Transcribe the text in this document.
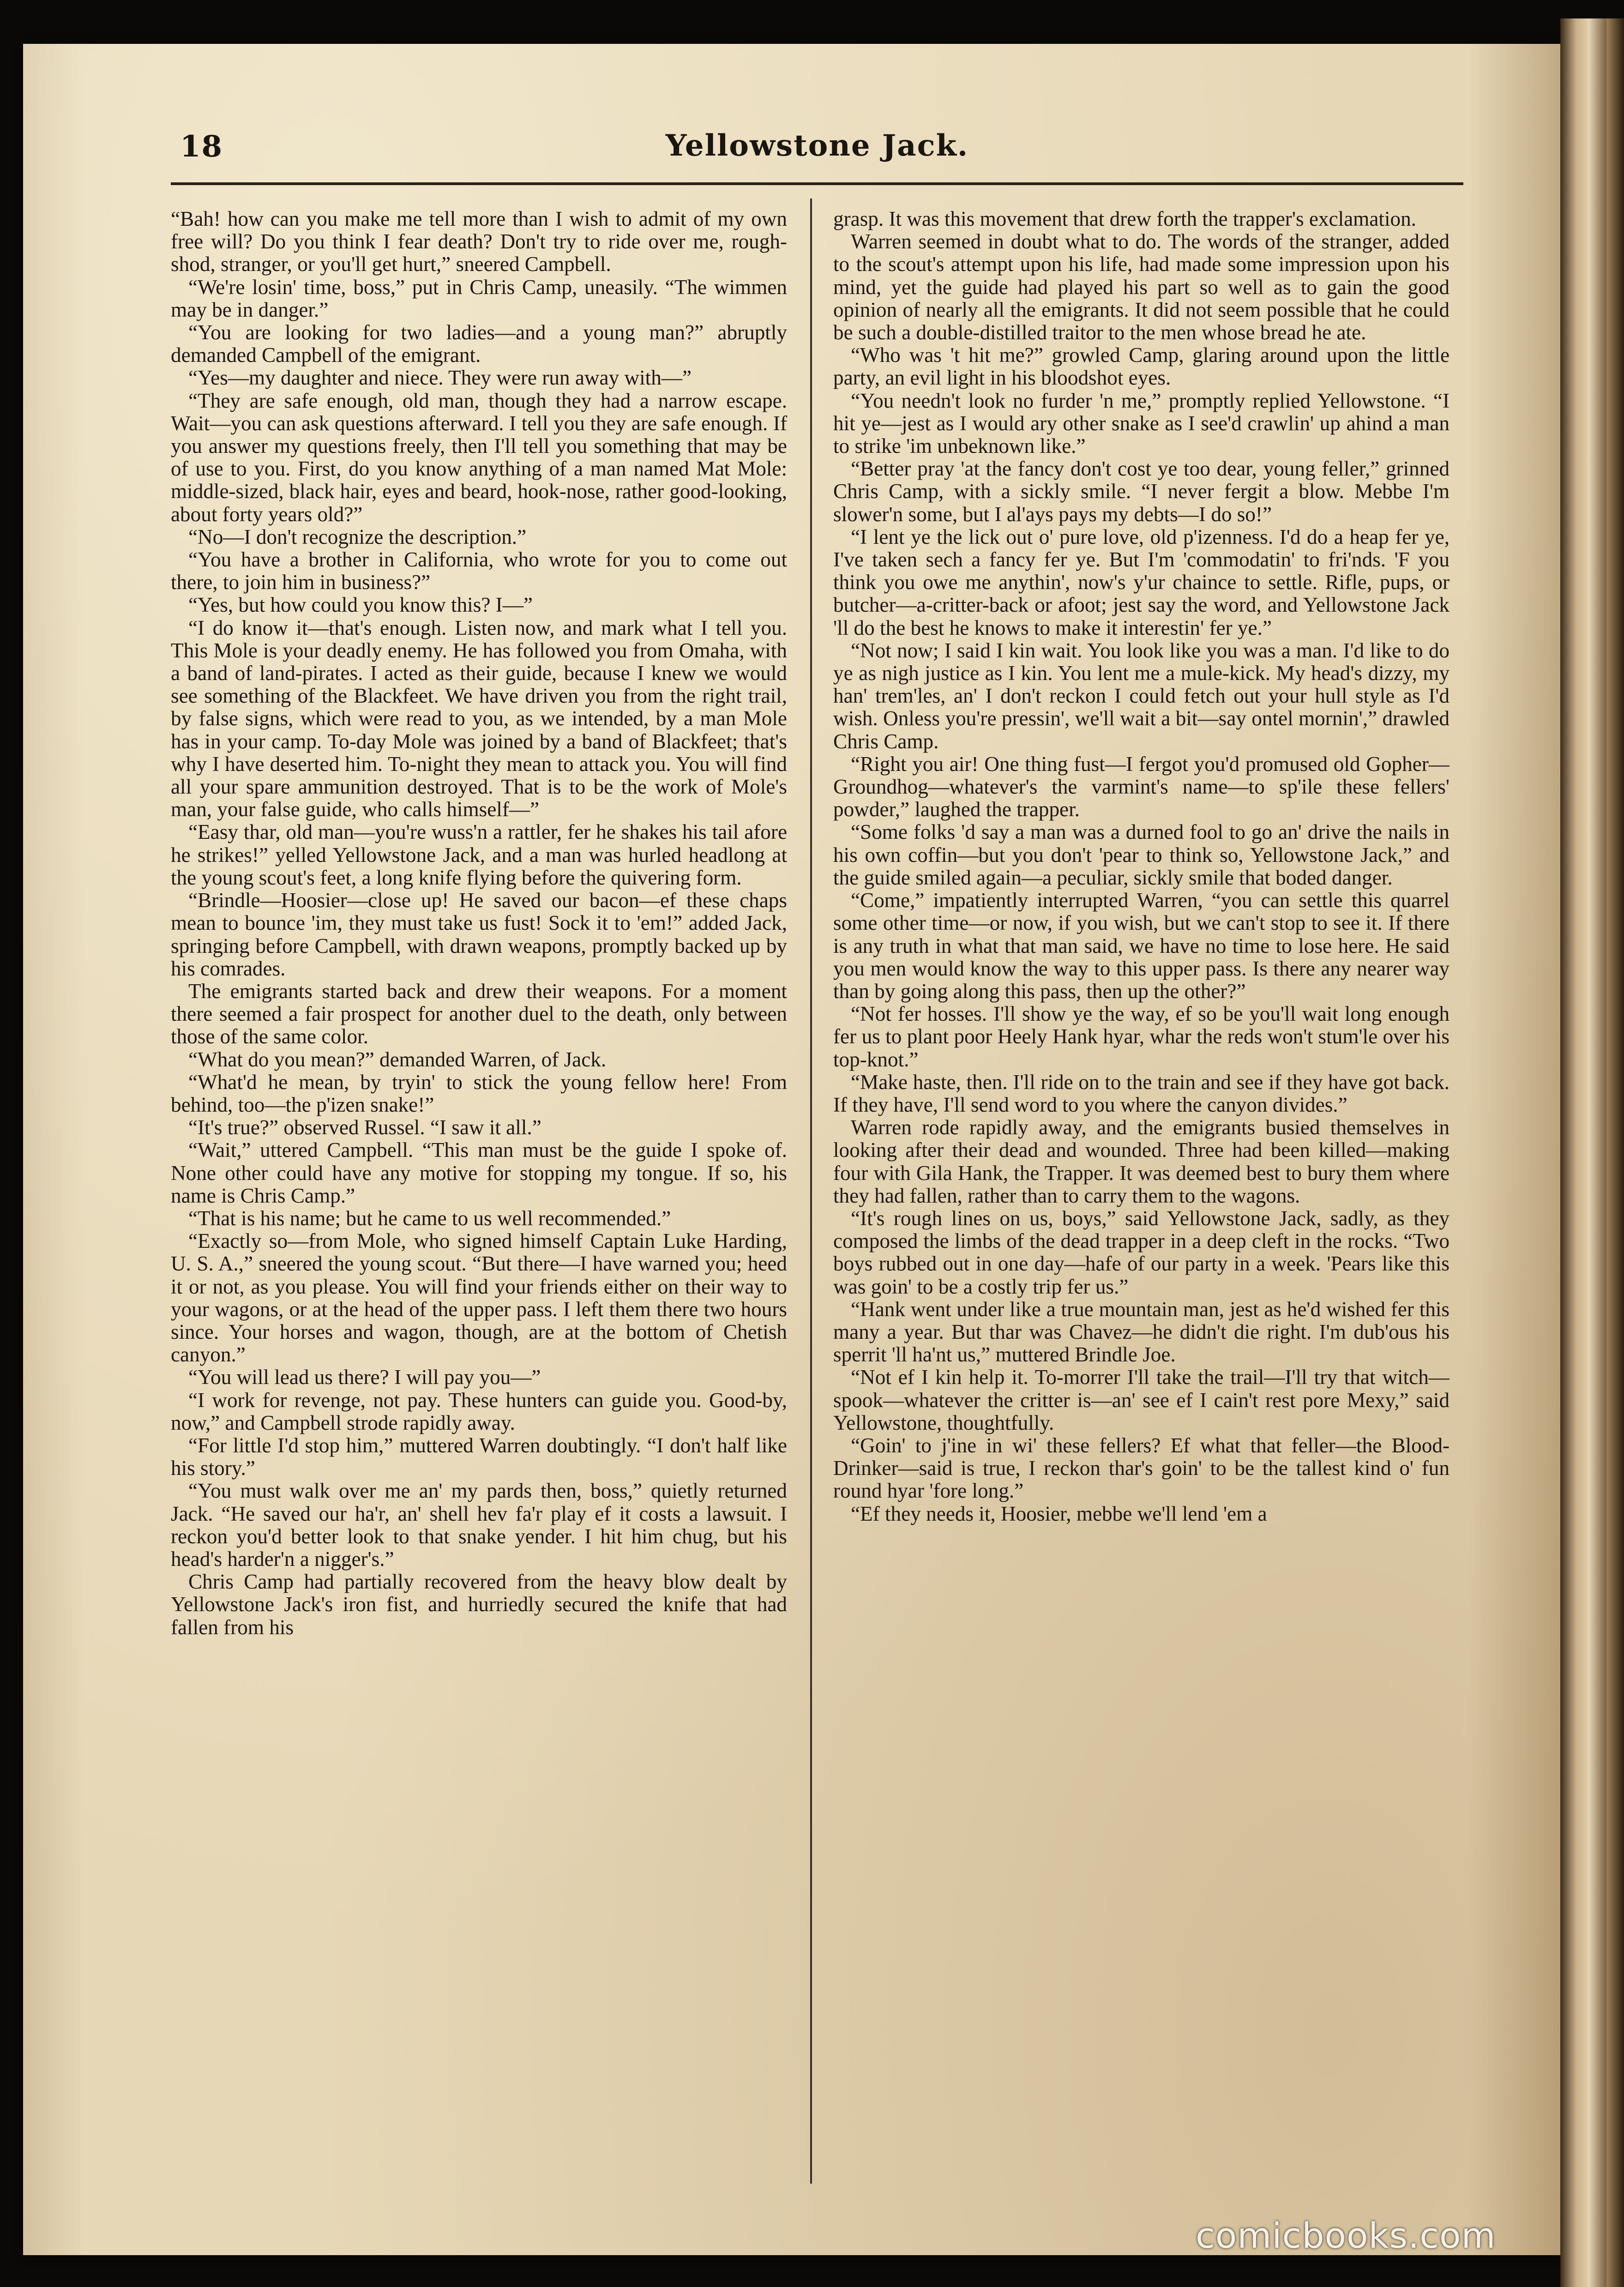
18	Yellowstone Jack.

“Bah! how can you make me tell more than I wish to admit of my own free will? Do you think I fear death? Don't try to ride over me, rough-shod, stranger, or you'll get hurt,” sneered Campbell.

“We're losin' time, boss,” put in Chris Camp, uneasily. “The wimmen may be in danger.”

“You are looking for two ladies—and a young man?” abruptly demanded Campbell of the emigrant.

“Yes—my daughter and niece. They were run away with—”

“They are safe enough, old man, though they had a narrow escape. Wait—you can ask questions afterward. I tell you they are safe enough. If you answer my questions freely, then I'll tell you something that may be of use to you. First, do you know anything of a man named Mat Mole: middle-sized, black hair, eyes and beard, hook-nose, rather good-looking, about forty years old?”

“No—I don't recognize the description.”

“You have a brother in California, who wrote for you to come out there, to join him in business?”

“Yes, but how could you know this? I—”

“I do know it—that's enough. Listen now, and mark what I tell you. This Mole is your deadly enemy. He has followed you from Omaha, with a band of land-pirates. I acted as their guide, because I knew we would see something of the Blackfeet. We have driven you from the right trail, by false signs, which were read to you, as we intended, by a man Mole has in your camp. To-day Mole was joined by a band of Blackfeet; that's why I have deserted him. To-night they mean to attack you. You will find all your spare ammunition destroyed. That is to be the work of Mole's man, your false guide, who calls himself—”

“Easy thar, old man—you're wuss'n a rattler, fer he shakes his tail afore he strikes!” yelled Yellowstone Jack, and a man was hurled headlong at the young scout's feet, a long knife flying before the quivering form.

“Brindle—Hoosier—close up! He saved our bacon—ef these chaps mean to bounce 'im, they must take us fust! Sock it to 'em!” added Jack, springing before Campbell, with drawn weapons, promptly backed up by his comrades.

The emigrants started back and drew their weapons. For a moment there seemed a fair prospect for another duel to the death, only between those of the same color.

“What do you mean?” demanded Warren, of Jack.

“What'd he mean, by tryin' to stick the young fellow here! From behind, too—the p'izen snake!”

“It's true?” observed Russel. “I saw it all.”

“Wait,” uttered Campbell. “This man must be the guide I spoke of. None other could have any motive for stopping my tongue. If so, his name is Chris Camp.”

“That is his name; but he came to us well recommended.”

“Exactly so—from Mole, who signed himself Captain Luke Harding, U. S. A.,” sneered the young scout. “But there—I have warned you; heed it or not, as you please. You will find your friends either on their way to your wagons, or at the head of the upper pass. I left them there two hours since. Your horses and wagon, though, are at the bottom of Chetish canyon.”

“You will lead us there? I will pay you—”

“I work for revenge, not pay. These hunters can guide you. Good-by, now,” and Campbell strode rapidly away.

“For little I'd stop him,” muttered Warren doubtingly. “I don't half like his story.”

“You must walk over me an' my pards then, boss,” quietly returned Jack. “He saved our ha'r, an' shell hev fa'r play ef it costs a lawsuit. I reckon you'd better look to that snake yender. I hit him chug, but his head's harder'n a nigger's.”

Chris Camp had partially recovered from the heavy blow dealt by Yellowstone Jack's iron fist, and hurriedly secured the knife that had fallen from his

grasp. It was this movement that drew forth the trapper's exclamation.

Warren seemed in doubt what to do. The words of the stranger, added to the scout's attempt upon his life, had made some impression upon his mind, yet the guide had played his part so well as to gain the good opinion of nearly all the emigrants. It did not seem possible that he could be such a double-distilled traitor to the men whose bread he ate.

“Who was 't hit me?” growled Camp, glaring around upon the little party, an evil light in his bloodshot eyes.

“You needn't look no furder 'n me,” promptly replied Yellowstone. “I hit ye—jest as I would ary other snake as I see'd crawlin' up ahind a man to strike 'im unbeknown like.”

“Better pray 'at the fancy don't cost ye too dear, young feller,” grinned Chris Camp, with a sickly smile. “I never fergit a blow. Mebbe I'm slower'n some, but I al'ays pays my debts—I do so!”

“I lent ye the lick out o' pure love, old p'izenness. I'd do a heap fer ye, I've taken sech a fancy fer ye. But I'm 'commodatin' to fri'nds. 'F you think you owe me anythin', now's y'ur chaince to settle. Rifle, pups, or butcher—a-critter-back or afoot; jest say the word, and Yellowstone Jack 'll do the best he knows to make it interestin' fer ye.”

“Not now; I said I kin wait. You look like you was a man. I'd like to do ye as nigh justice as I kin. You lent me a mule-kick. My head's dizzy, my han' trem'les, an' I don't reckon I could fetch out your hull style as I'd wish. Onless you're pressin', we'll wait a bit—say ontel mornin',” drawled Chris Camp.

“Right you air! One thing fust—I fergot you'd promused old Gopher—Groundhog—whatever's the varmint's name—to sp'ile these fellers' powder,” laughed the trapper.

“Some folks 'd say a man was a durned fool to go an' drive the nails in his own coffin—but you don't 'pear to think so, Yellowstone Jack,” and the guide smiled again—a peculiar, sickly smile that boded danger.

“Come,” impatiently interrupted Warren, “you can settle this quarrel some other time—or now, if you wish, but we can't stop to see it. If there is any truth in what that man said, we have no time to lose here. He said you men would know the way to this upper pass. Is there any nearer way than by going along this pass, then up the other?”

“Not fer hosses. I'll show ye the way, ef so be you'll wait long enough fer us to plant poor Heely Hank hyar, whar the reds won't stum'le over his top-knot.”

“Make haste, then. I'll ride on to the train and see if they have got back. If they have, I'll send word to you where the canyon divides.”

Warren rode rapidly away, and the emigrants busied themselves in looking after their dead and wounded. Three had been killed—making four with Gila Hank, the Trapper. It was deemed best to bury them where they had fallen, rather than to carry them to the wagons.

“It's rough lines on us, boys,” said Yellowstone Jack, sadly, as they composed the limbs of the dead trapper in a deep cleft in the rocks. “Two boys rubbed out in one day—hafe of our party in a week. 'Pears like this was goin' to be a costly trip fer us.”

“Hank went under like a true mountain man, jest as he'd wished fer this many a year. But thar was Chavez—he didn't die right. I'm dub'ous his sperrit 'll ha'nt us,” muttered Brindle Joe.

“Not ef I kin help it. To-morrer I'll take the trail—I'll try that witch—spook—whatever the critter is—an' see ef I cain't rest pore Mexy,” said Yellowstone, thoughtfully.

“Goin' to j'ine in wi' these fellers? Ef what that feller—the Blood-Drinker—said is true, I reckon thar's goin' to be the tallest kind o' fun round hyar 'fore long.”

“Ef they needs it, Hoosier, mebbe we'll lend 'em a

comicbooks.com
